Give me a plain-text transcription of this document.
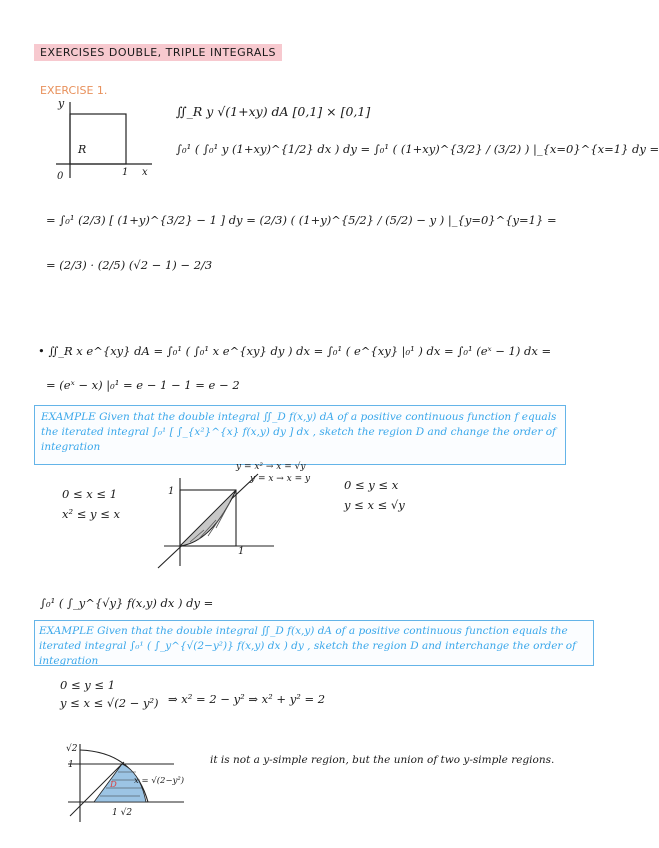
EXERCISES DOUBLE, TRIPLE INTEGRALS
EXERCISE 1.
y
R
0	1 x
∬_R y √(1+xy) dA [0,1] × [0,1]
∫₀¹ ( ∫₀¹ y (1+xy)^{1/2} dx ) dy = ∫₀¹ ( (1+xy)^{3/2} / (3/2) ) |_{x=0}^{x=1} dy =
= ∫₀¹ (2/3) [ (1+y)^{3/2} − 1 ] dy = (2/3) ( (1+y)^{5/2} / (5/2) − y ) |_{y=0}^{y=1} =
= (2/3) · (2/5) (√2 − 1) − 2/3
• ∬_R x e^{xy} dA = ∫₀¹ ( ∫₀¹ x e^{xy} dy ) dx = ∫₀¹ ( e^{xy} |₀¹ ) dx = ∫₀¹ (eˣ − 1) dx =
= (eˣ − x) |₀¹ = e − 1 − 1 = e − 2
EXAMPLE Given that the double integral ∬_D f(x,y) dA of a positive continuous function f equals the iterated integral ∫₀¹ [ ∫_{x²}^{x} f(x,y) dy ] dx , sketch the region D and change the order of integration
0 ≤ x ≤ 1
x² ≤ y ≤ x
1
1
y = x² → x = √y
y = x → x = y	0 ≤ y ≤ x
y ≤ x ≤ √y
∫₀¹ ( ∫_y^{√y} f(x,y) dx ) dy =
EXAMPLE Given that the double integral ∬_D f(x,y) dA of a positive continuous function equals the iterated integral ∫₀¹ ( ∫_y^{√(2−y²)} f(x,y) dx ) dy , sketch the region D and interchange the order of integration
0 ≤ y ≤ 1
y ≤ x ≤ √(2 − y²) ⇒ x² = 2 − y² ⇒ x² + y² = 2
√2
1
x = √(2−y²)
D
1 √2
it is not a y-simple region, but the union of two y-simple regions.
